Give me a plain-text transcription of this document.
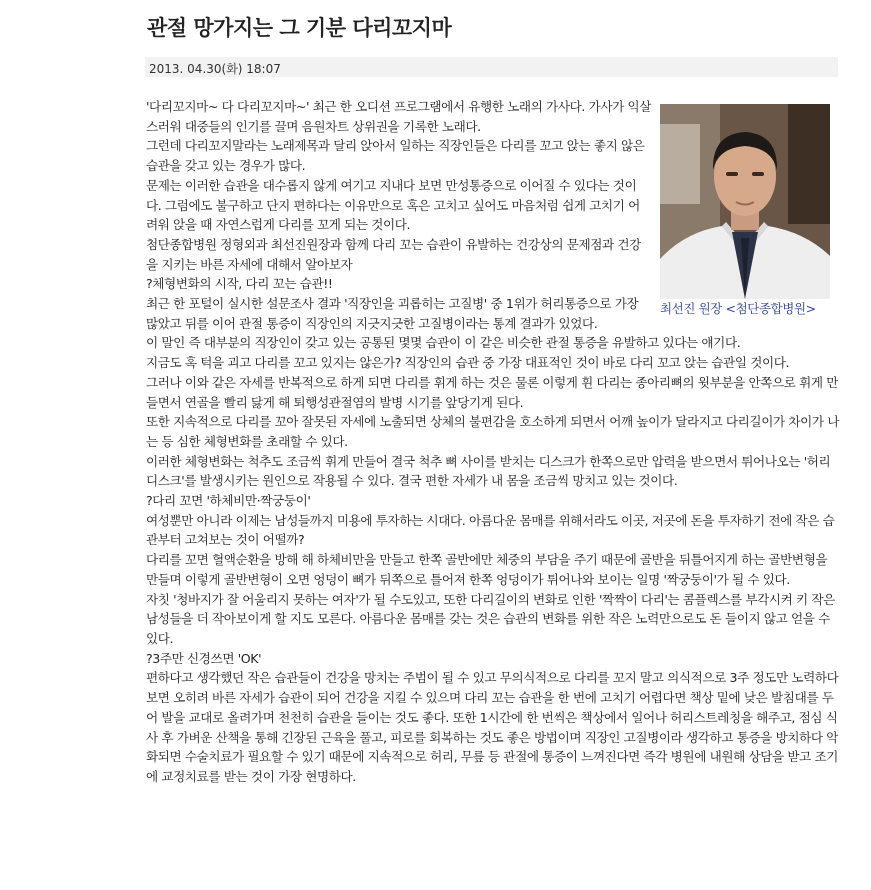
관절 망가지는 그 기분 다리꼬지마
2013. 04.30(화) 18:07
최선진 원장 <첨단종합병원>

'다리꼬지마~ 다 다리꼬지마~' 최근 한 오디션 프로그램에서 유행한 노래의 가사다. 가사가 익살스러워 대중들의 인기를 끌며 음원차트 상위권을 기록한 노래다.

그런데 다리꼬지말라는 노래제목과 달리 앉아서 일하는 직장인들은 다리를 꼬고 앉는 좋지 않은 습관을 갖고 있는 경우가 많다.

문제는 이러한 습관을 대수롭지 않게 여기고 지내다 보면 만성통증으로 이어질 수 있다는 것이다. 그럼에도 불구하고 단지 편하다는 이유만으로 혹은 고치고 싶어도 마음처럼 쉽게 고치기 어려워 앉을 때 자연스럽게 다리를 꼬게 되는 것이다.

첨단종합병원 정형외과 최선진원장과 함께 다리 꼬는 습관이 유발하는 건강상의 문제점과 건강을 지키는 바른 자세에 대해서 알아보자

?체형변화의 시작, 다리 꼬는 습관!!

최근 한 포털이 실시한 설문조사 결과 '직장인을 괴롭히는 고질병' 중 1위가 허리통증으로 가장 많았고 뒤를 이어 관절 통증이 직장인의 지긋지긋한 고질병이라는 통계 결과가 있었다.

이 말인 즉 대부분의 직장인이 갖고 있는 공통된 몇몇 습관이 이 같은 비슷한 관절 통증을 유발하고 있다는 얘기다.

지금도 혹 턱을 괴고 다리를 꼬고 있지는 않은가? 직장인의 습관 중 가장 대표적인 것이 바로 다리 꼬고 앉는 습관일 것이다.

그러나 이와 같은 자세를 반복적으로 하게 되면 다리를 휘게 하는 것은 물론 이렇게 휜 다리는 종아리뼈의 윗부분을 안쪽으로 휘게 만들면서 연골을 빨리 닳게 해 퇴행성관절염의 발병 시기를 앞당기게 된다.

또한 지속적으로 다리를 꼬아 잘못된 자세에 노출되면 상체의 불편감을 호소하게 되면서 어깨 높이가 달라지고 다리길이가 차이가 나는 등 심한 체형변화를 초래할 수 있다.

이러한 체형변화는 척추도 조금씩 휘게 만들어 결국 척추 뼈 사이를 받치는 디스크가 한쪽으로만 압력을 받으면서 튀어나오는 '허리디스크'를 발생시키는 원인으로 작용될 수 있다. 결국 편한 자세가 내 몸을 조금씩 망치고 있는 것이다.

?다리 꼬면 '하체비만·짝궁둥이'

여성뿐만 아니라 이제는 남성들까지 미용에 투자하는 시대다. 아름다운 몸매를 위해서라도 이곳, 저곳에 돈을 투자하기 전에 작은 습관부터 고쳐보는 것이 어떨까?

다리를 꼬면 혈액순환을 방해 해 하체비만을 만들고 한쪽 골반에만 체중의 부담을 주기 때문에 골반을 뒤틀어지게 하는 골반변형을 만들며 이렇게 골반변형이 오면 엉덩이 뼈가 뒤쪽으로 틀어져 한쪽 엉덩이가 튀어나와 보이는 일명 '짝궁둥이'가 될 수 있다.

자칫 '청바지가 잘 어울리지 못하는 여자'가 될 수도있고, 또한 다리길이의 변화로 인한 '짝짝이 다리'는 콤플렉스를 부각시켜 키 작은 남성들을 더 작아보이게 할 지도 모른다. 아름다운 몸매를 갖는 것은 습관의 변화를 위한 작은 노력만으로도 돈 들이지 않고 얻을 수 있다.

?3주만 신경쓰면 'OK'

편하다고 생각했던 작은 습관들이 건강을 망치는 주범이 될 수 있고 무의식적으로 다리를 꼬지 말고 의식적으로 3주 정도만 노력하다보면 오히려 바른 자세가 습관이 되어 건강을 지킬 수 있으며 다리 꼬는 습관을 한 번에 고치기 어렵다면 책상 밑에 낮은 발침대를 두어 발을 교대로 올려가며 천천히 습관을 들이는 것도 좋다. 또한 1시간에 한 번씩은 책상에서 일어나 허리스트레칭을 해주고, 점심 식사 후 가벼운 산책을 통해 긴장된 근육을 풀고, 피로를 회복하는 것도 좋은 방법이며 직장인 고질병이라 생각하고 통증을 방치하다 악화되면 수술치료가 필요할 수 있기 때문에 지속적으로 허리, 무릎 등 관절에 통증이 느껴진다면 즉각 병원에 내원해 상담을 받고 조기에 교정치료를 받는 것이 가장 현명하다.
